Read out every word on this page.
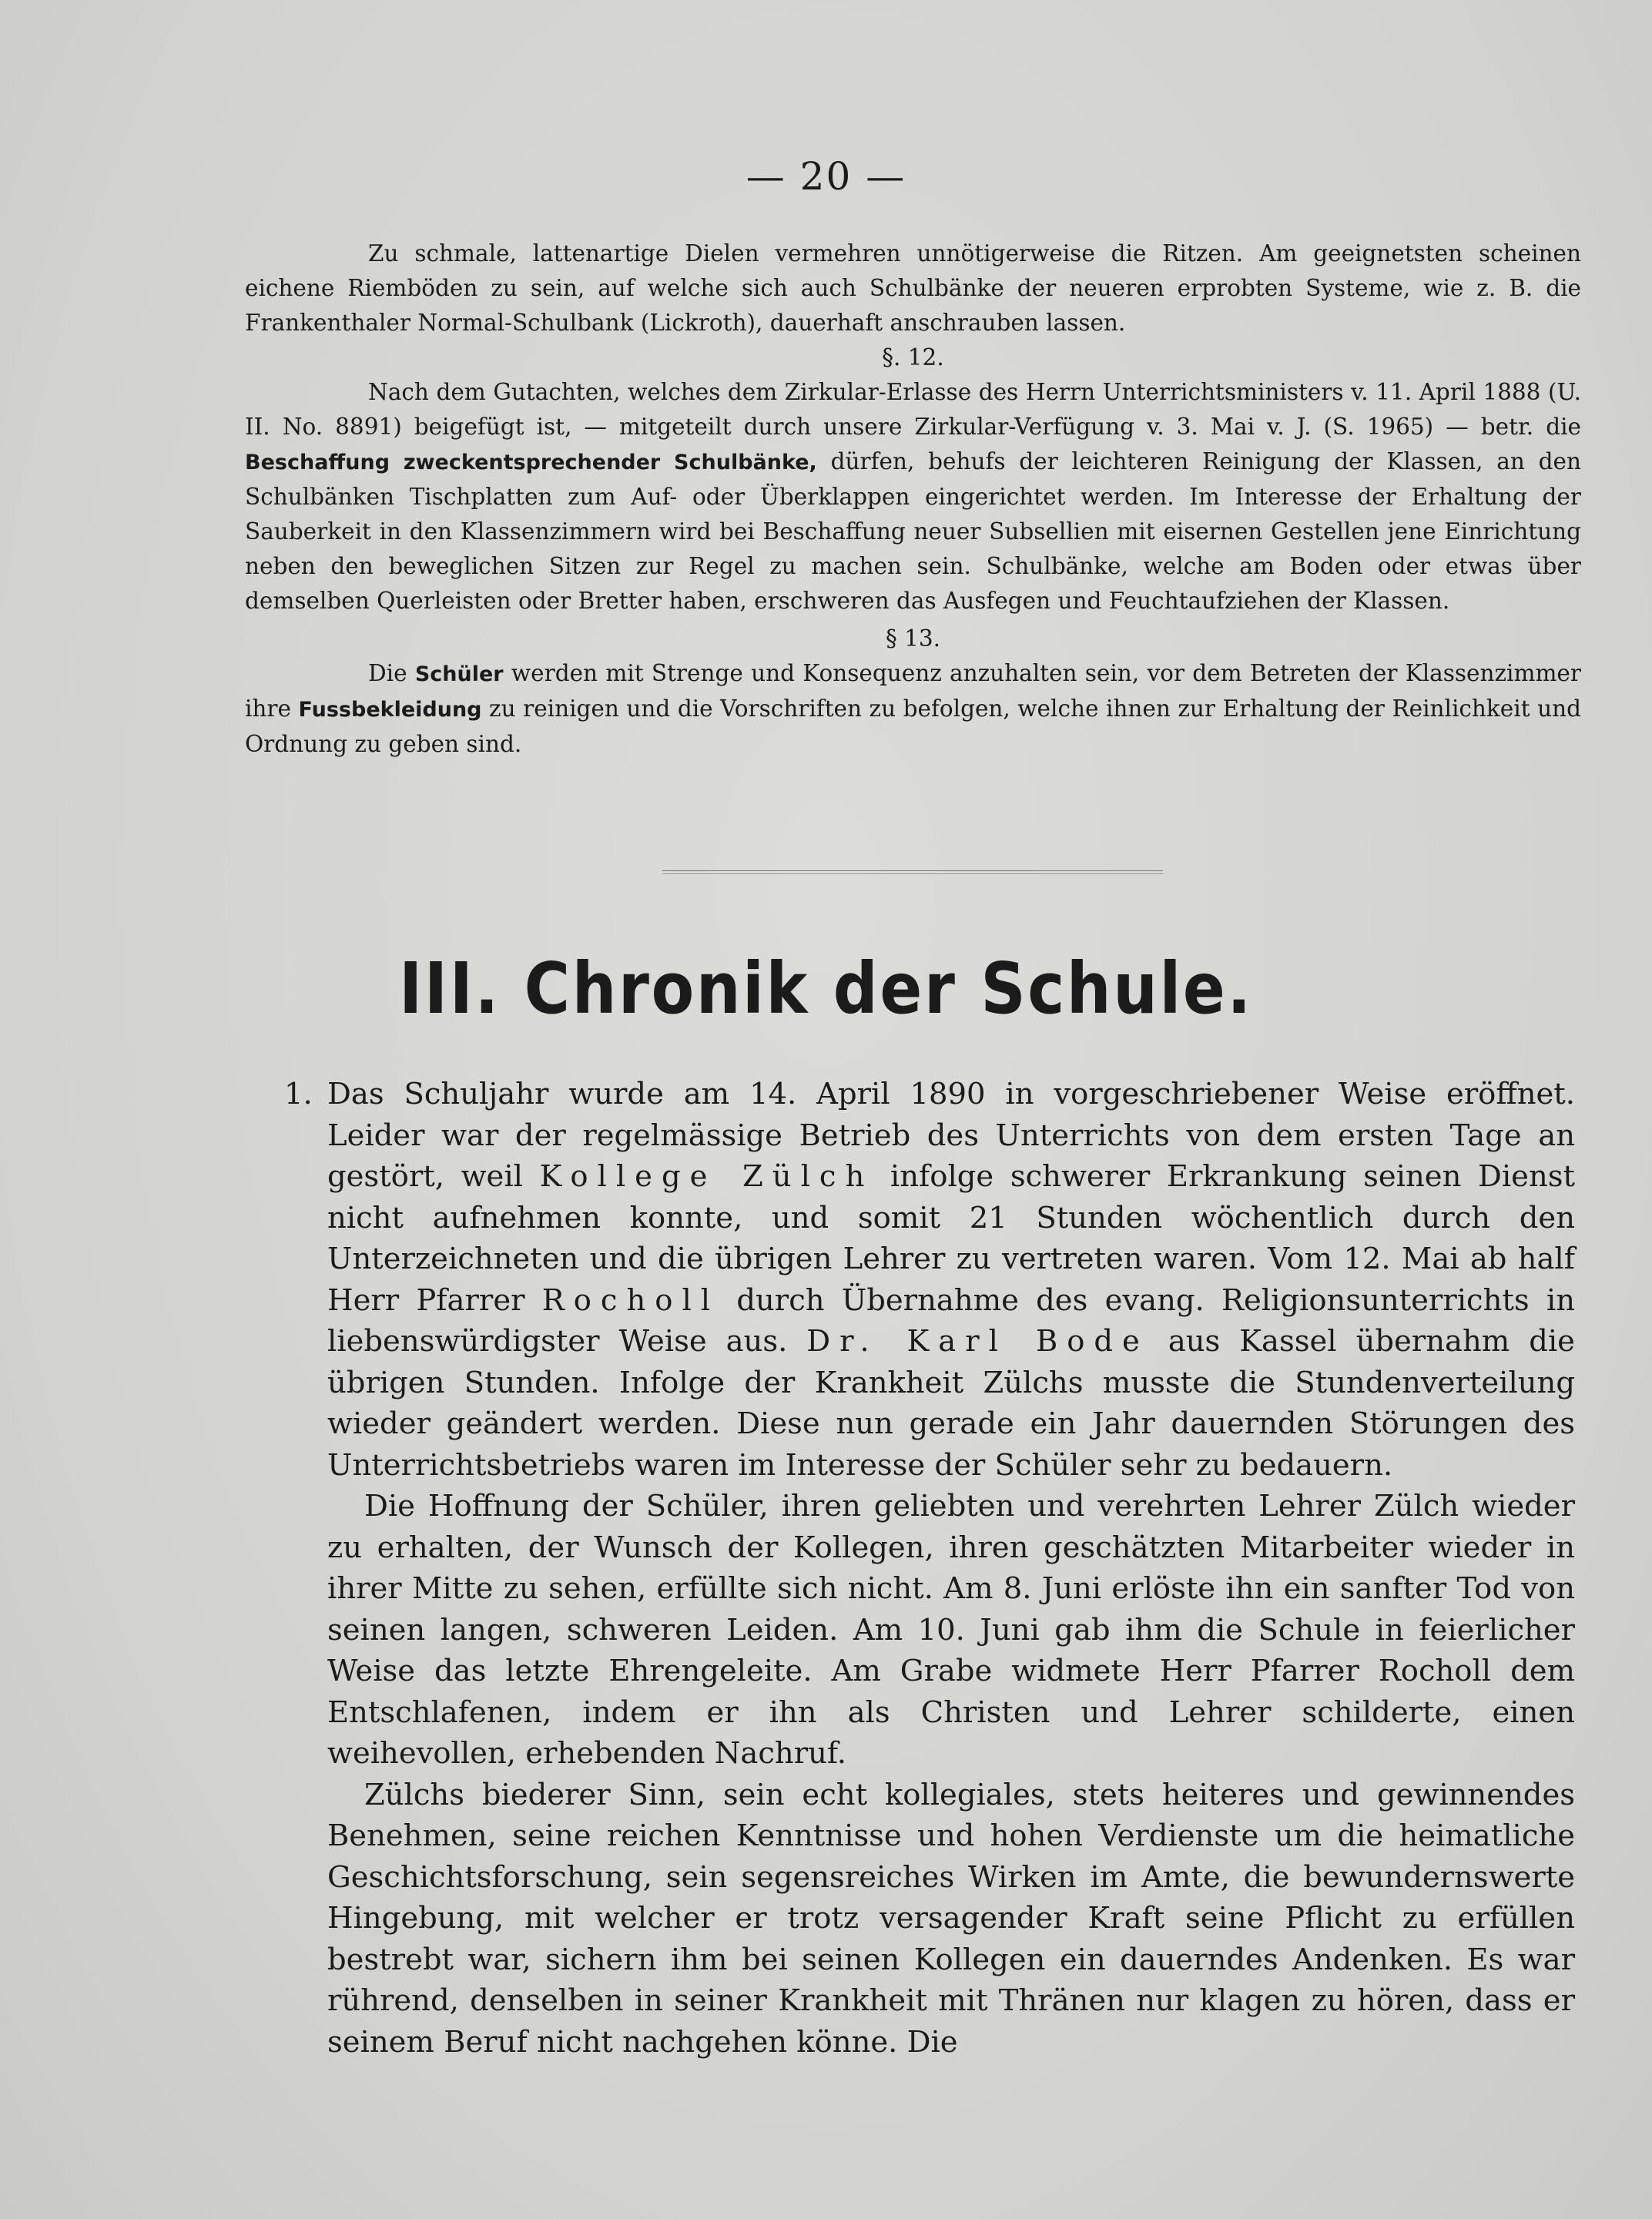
— 20 —

Zu schmale, lattenartige Dielen vermehren unnötigerweise die Ritzen. Am geeignetsten scheinen eichene Riemböden zu sein, auf welche sich auch Schulbänke der neueren erprobten Systeme, wie z. B. die Frankenthaler Normal-Schulbank (Lickroth), dauerhaft anschrauben lassen.

§. 12.

Nach dem Gutachten, welches dem Zirkular-Erlasse des Herrn Unterrichtsministers v. 11. April 1888 (U. II. No. 8891) beigefügt ist, — mitgeteilt durch unsere Zirkular-Verfügung v. 3. Mai v. J. (S. 1965) — betr. die Beschaffung zweckentsprechender Schulbänke, dürfen, behufs der leichteren Reinigung der Klassen, an den Schulbänken Tischplatten zum Auf- oder Überklappen eingerichtet werden. Im Interesse der Erhaltung der Sauberkeit in den Klassenzimmern wird bei Beschaffung neuer Subsellien mit eisernen Gestellen jene Einrichtung neben den beweglichen Sitzen zur Regel zu machen sein. Schulbänke, welche am Boden oder etwas über demselben Querleisten oder Bretter haben, erschweren das Ausfegen und Feuchtaufziehen der Klassen.

§ 13.

Die Schüler werden mit Strenge und Konsequenz anzuhalten sein, vor dem Betreten der Klassenzimmer ihre Fussbekleidung zu reinigen und die Vorschriften zu befolgen, welche ihnen zur Erhaltung der Reinlichkeit und Ordnung zu geben sind.

III. Chronik der Schule.

1. Das Schuljahr wurde am 14. April 1890 in vorgeschriebener Weise eröffnet. Leider war der regelmässige Betrieb des Unterrichts von dem ersten Tage an gestört, weil Kollege Zülch infolge schwerer Erkrankung seinen Dienst nicht aufnehmen konnte, und somit 21 Stunden wöchentlich durch den Unterzeichneten und die übrigen Lehrer zu vertreten waren. Vom 12. Mai ab half Herr Pfarrer Rocholl durch Übernahme des evang. Religionsunterrichts in liebenswürdigster Weise aus. Dr. Karl Bode aus Kassel übernahm die übrigen Stunden. Infolge der Krankheit Zülchs musste die Stundenverteilung wieder geändert werden. Diese nun gerade ein Jahr dauernden Störungen des Unterrichtsbetriebs waren im Interesse der Schüler sehr zu bedauern.

Die Hoffnung der Schüler, ihren geliebten und verehrten Lehrer Zülch wieder zu erhalten, der Wunsch der Kollegen, ihren geschätzten Mitarbeiter wieder in ihrer Mitte zu sehen, erfüllte sich nicht. Am 8. Juni erlöste ihn ein sanfter Tod von seinen langen, schweren Leiden. Am 10. Juni gab ihm die Schule in feierlicher Weise das letzte Ehrengeleite. Am Grabe widmete Herr Pfarrer Rocholl dem Entschlafenen, indem er ihn als Christen und Lehrer schilderte, einen weihevollen, erhebenden Nachruf.

Zülchs biederer Sinn, sein echt kollegiales, stets heiteres und gewinnendes Benehmen, seine reichen Kenntnisse und hohen Verdienste um die heimatliche Geschichtsforschung, sein segensreiches Wirken im Amte, die bewundernswerte Hingebung, mit welcher er trotz versagender Kraft seine Pflicht zu erfüllen bestrebt war, sichern ihm bei seinen Kollegen ein dauerndes Andenken. Es war rührend, denselben in seiner Krankheit mit Thränen nur klagen zu hören, dass er seinem Beruf nicht nachgehen könne. Die
